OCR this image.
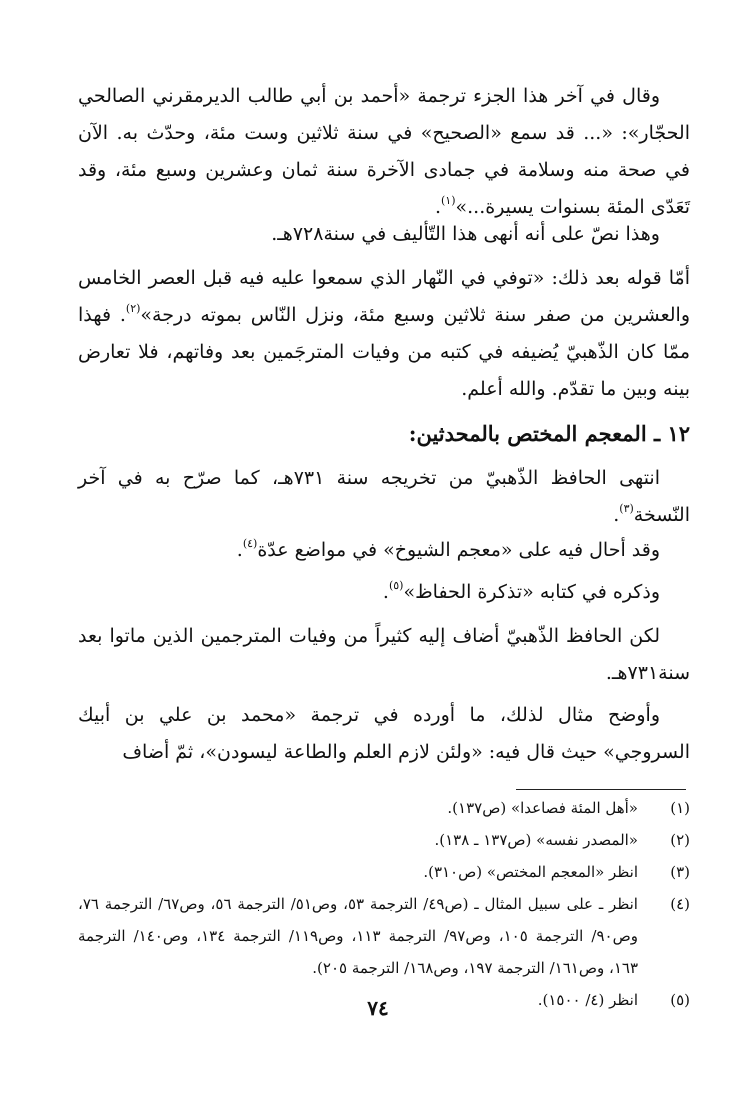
وقال في آخر هذا الجزء ترجمة «أحمد بن أبي طالب الديرمقرني الصالحي الحجّار»: «... قد سمع «الصحيح» في سنة ثلاثين وست مئة، وحدّث به. الآن في صحة منه وسلامة في جمادى الآخرة سنة ثمان وعشرين وسبع مئة، وقد تَعَدّى المئة بسنوات يسيرة...»$^{(١)}$.

وهذا نصّ على أنه أنهى هذا التّأليف في سنة٧٢٨هـ.

أمّا قوله بعد ذلك: «توفي في النّهار الذي سمعوا عليه فيه قبل العصر الخامس والعشرين من صفر سنة ثلاثين وسبع مئة، ونزل النّاس بموته درجة»$^{(٢)}$. فهذا ممّا كان الذّهبيّ يُضيفه في كتبه من وفيات المترجَمين بعد وفاتهم، فلا تعارض بينه وبين ما تقدّم. والله أعلم.

١٢ ـ المعجم المختص بالمحدثين:

انتهى الحافظ الذّهبيّ من تخريجه سنة ٧٣١هـ، كما صرّح به في آخر النّسخة$^{(٣)}$.

وقد أحال فيه على «معجم الشيوخ» في مواضع عدّة$^{(٤)}$.

وذكره في كتابه «تذكرة الحفاظ»$^{(٥)}$.

لكن الحافظ الذّهبيّ أضاف إليه كثيراً من وفيات المترجمين الذين ماتوا بعد سنة٧٣١هـ.

وأوضح مثال لذلك، ما أورده في ترجمة «محمد بن علي بن أبيك السروجي» حيث قال فيه: «ولئن لازم العلم والطاعة ليسودن»، ثمّ أضاف

(١)
«أهل المئة فصاعدا» (ص١٣٧).
(٢)
«المصدر نفسه» (ص١٣٧ ـ ١٣٨).
(٣)
انظر «المعجم المختص» (ص٣١٠).
(٤)
انظر ـ على سبيل المثال ـ (ص٤٩/ الترجمة ٥٣، وص٥١/ الترجمة ٥٦، وص٦٧/ الترجمة ٧٦، وص٩٠/ الترجمة ١٠٥، وص٩٧/ الترجمة ١١٣، وص١١٩/ الترجمة ١٣٤، وص١٤٠/ الترجمة ١٦٣، وص١٦١/ الترجمة ١٩٧، وص١٦٨/ الترجمة ٢٠٥).
(٥)
انظر (٤/ ١٥٠٠).
٧٤
